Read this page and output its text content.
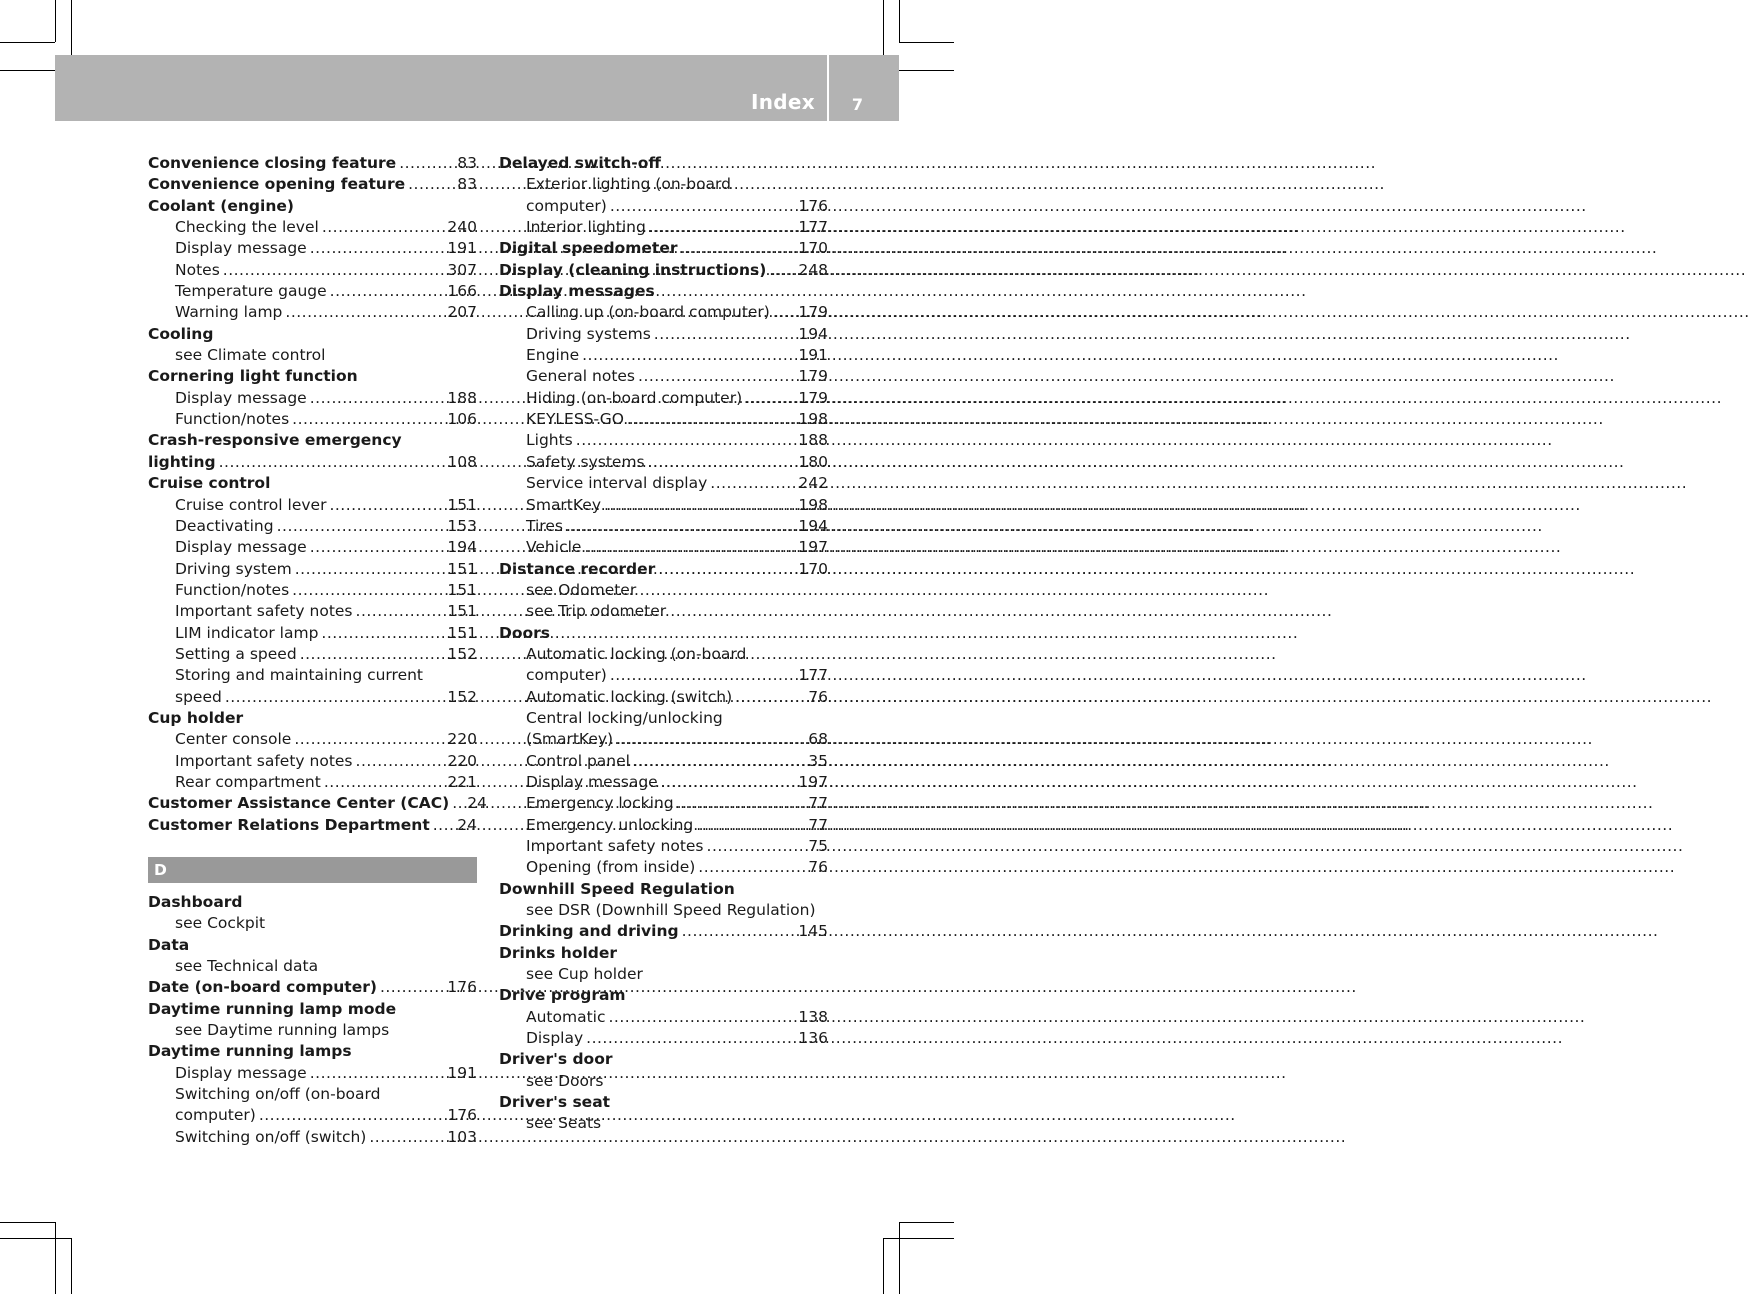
Index 7
Convenience closing feature .....	83
Convenience opening feature .....	83
Coolant (engine)
Checking the level .....	240
Display message .....	191
Notes .....	307
Temperature gauge .....	166
Warning lamp .....	207
Cooling
see Climate control
Cornering light function
Display message .....	188
Function/notes .....	106
Crash-responsive emergency
lighting .....	108
Cruise control
Cruise control lever .....	151
Deactivating .....	153
Display message .....	194
Driving system .....	151
Function/notes .....	151
Important safety notes .....	151
LIM indicator lamp .....	151
Setting a speed .....	152
Storing and maintaining current
speed .....	152
Cup holder
Center console .....	220
Important safety notes .....	220
Rear compartment .....	221
Customer Assistance Center (CAC) ..... 24
Customer Relations Department ..... 24
D
Dashboard
see Cockpit
Data
see Technical data
Date (on-board computer) .....	176
Daytime running lamp mode
see Daytime running lamps
Daytime running lamps
Display message .....	191
Switching on/off (on-board
computer) .....	176
Switching on/off (switch) .....	103
Delayed switch-off
Exterior lighting (on-board
computer) .....	176
Interior lighting .....	177
Digital speedometer .....	170
Display (cleaning instructions) ..... 248
Display messages
Calling up (on-board computer) ..... 179
Driving systems .....	194
Engine .....	191
General notes .....	179
Hiding (on-board computer) .....	179
KEYLESS-GO .....	198
Lights .....	188
Safety systems .....	180
Service interval display .....	242
SmartKey .....	198
Tires .....	194
Vehicle .....	197
Distance recorder .....	170
see Odometer
see Trip odometer
Doors
Automatic locking (on-board
computer) .....	177
Automatic locking (switch) .....	76
Central locking/unlocking
(SmartKey) .....	68
Control panel .....	35
Display message .....	197
Emergency locking .....	77
Emergency unlocking .....	77
Important safety notes .....	75
Opening (from inside) .....	76
Downhill Speed Regulation
see DSR (Downhill Speed Regulation)
Drinking and driving .....	145
Drinks holder
see Cup holder
Drive program
Automatic .....	138
Display .....	136
Driver's door
see Doors
Driver's seat
see Seats
